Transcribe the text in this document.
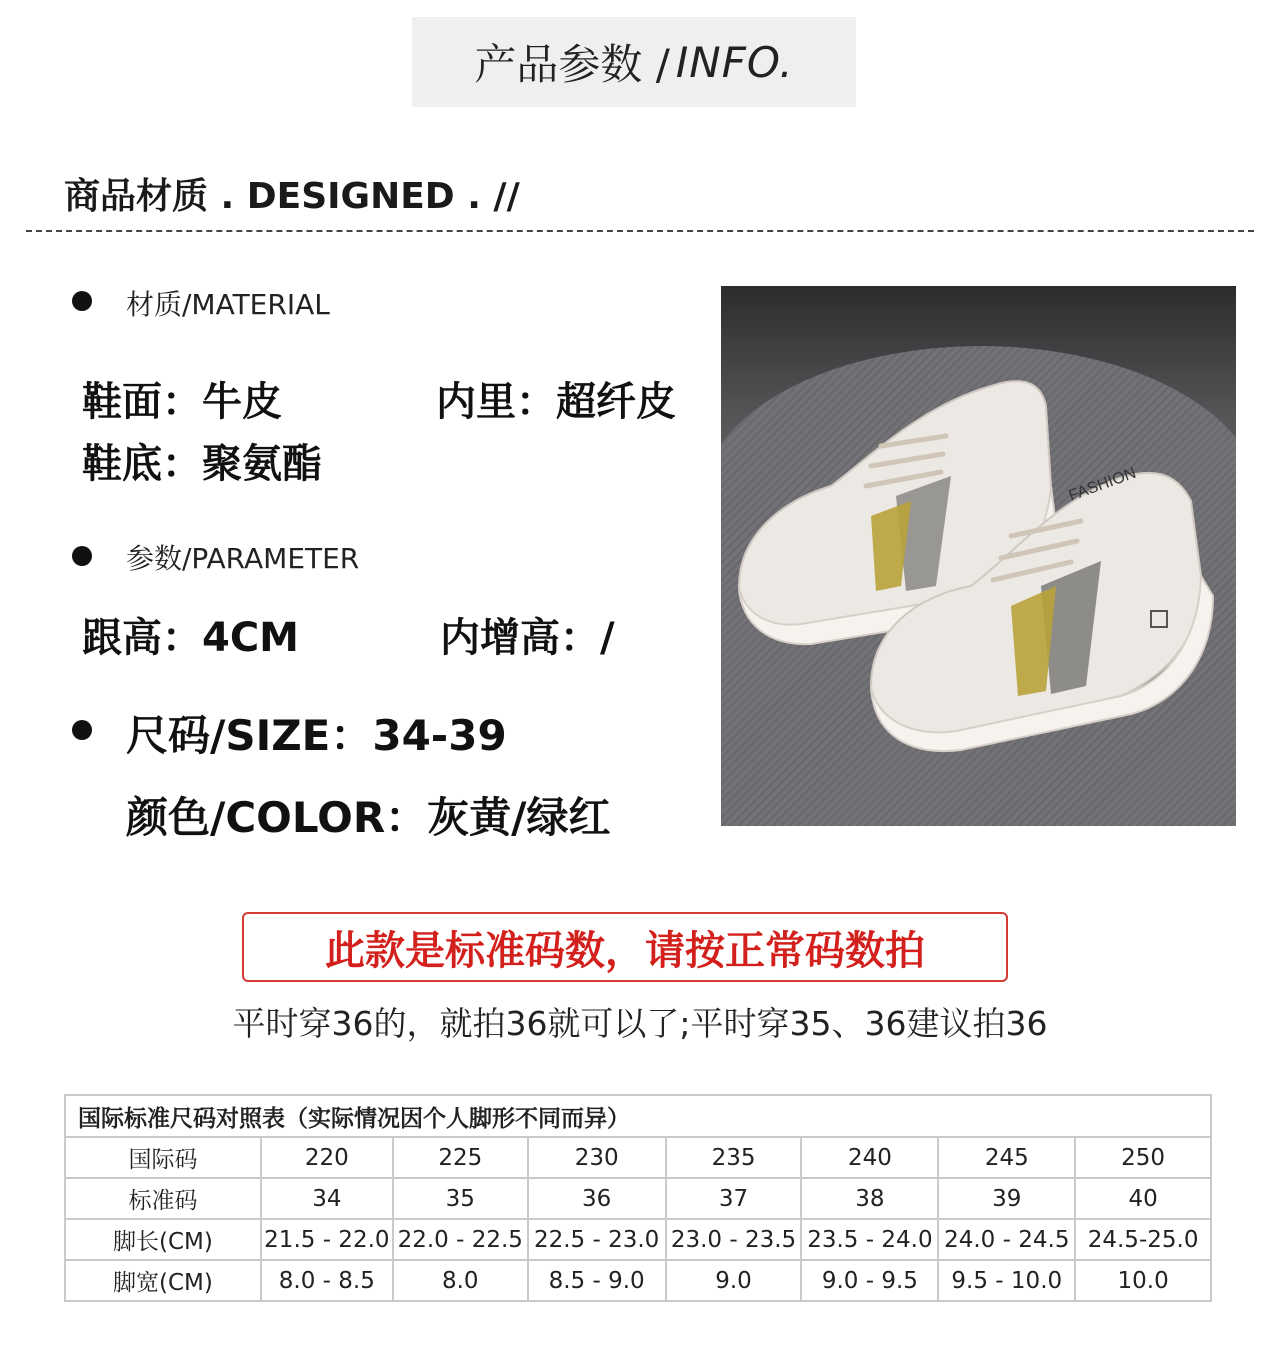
产品参数 / INFO.
商品材质 . DESIGNED . //
材质/MATERIAL
鞋面：牛皮	内里：超纤皮
鞋底：聚氨酯
参数/PARAMETER
跟高：4CM	内增高：/
尺码/SIZE：34-39
颜色/COLOR：灰黄/绿红
FASHION
此款是标准码数，请按正常码数拍
平时穿36的，就拍36就可以了;平时穿35、36建议拍36
国际标准尺码对照表（实际情况因个人脚形不同而异）							
国际码	220	225	230	235	240	245	250
标准码	34	35	36	37	38	39	40
脚长(CM)	21.5 - 22.0	22.0 - 22.5	22.5 - 23.0	23.0 - 23.5	23.5 - 24.0	24.0 - 24.5	24.5-25.0
脚宽(CM)	8.0 - 8.5	8.0	8.5 - 9.0	9.0	9.0 - 9.5	9.5 - 10.0	10.0
